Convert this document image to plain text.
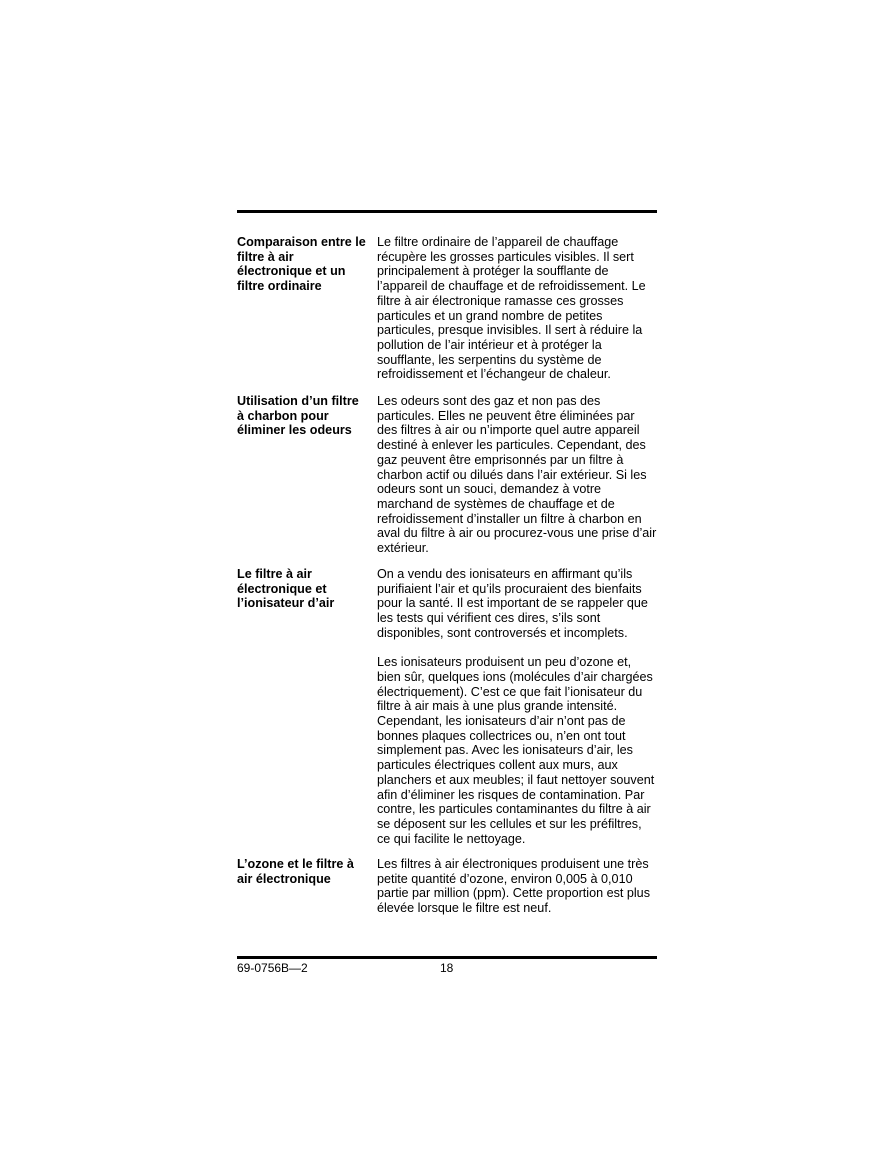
Comparaison entre le filtre à air électronique et un filtre ordinaire

Le filtre ordinaire de l’appareil de chauffage récupère les grosses particules visibles. Il sert principalement à protéger la soufflante de l’appareil de chauffage et de refroidissement. Le filtre à air électronique ramasse ces grosses particules et un grand nombre de petites particules, presque invisibles. Il sert à réduire la pollution de l’air intérieur et à protéger la soufflante, les serpentins du système de refroidissement et l’échangeur de chaleur.

Utilisation d’un filtre à charbon pour éliminer les odeurs

Les odeurs sont des gaz et non pas des particules. Elles ne peuvent être éliminées par des filtres à air ou n’importe quel autre appareil destiné à enlever les particules. Cependant, des gaz peuvent être emprisonnés par un filtre à charbon actif ou dilués dans l’air extérieur. Si les odeurs sont un souci, demandez à votre marchand de systèmes de chauffage et de refroidissement d’installer un filtre à charbon en aval du filtre à air ou procurez-vous une prise d’air extérieur.

Le filtre à air électronique et l’ionisateur d’air

On a vendu des ionisateurs en affirmant qu’ils purifiaient l’air et qu’ils procuraient des bienfaits pour la santé. Il est important de se rappeler que les tests qui vérifient ces dires, s’ils sont disponibles, sont controversés et incomplets.

Les ionisateurs produisent un peu d’ozone et, bien sûr, quelques ions (molécules d’air chargées électriquement). C’est ce que fait l’ionisateur du filtre à air mais à une plus grande intensité. Cependant, les ionisateurs d’air n’ont pas de bonnes plaques collectrices ou, n’en ont tout simplement pas. Avec les ionisateurs d’air, les particules électriques collent aux murs, aux planchers et aux meubles; il faut nettoyer souvent afin d’éliminer les risques de contamination. Par contre, les particules contaminantes du filtre à air se déposent sur les cellules et sur les préfiltres, ce qui facilite le nettoyage.

L’ozone et le filtre à air électronique

Les filtres à air électroniques produisent une très petite quantité d’ozone, environ 0,005 à 0,010 partie par million (ppm). Cette proportion est plus élevée lorsque le filtre est neuf.

69-0756B—2	18
